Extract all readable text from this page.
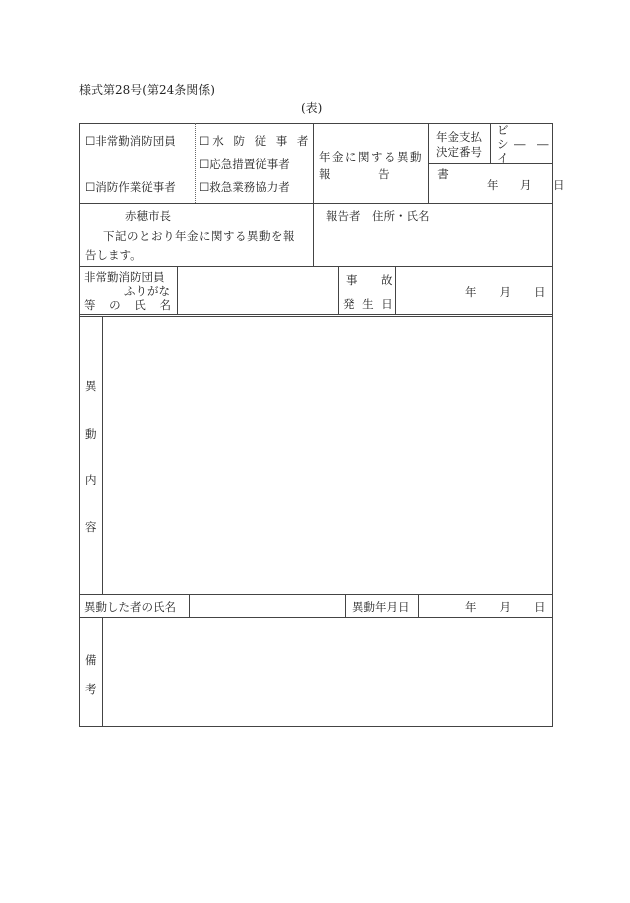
様式第28号(第24条関係)
(表)
☐非常勤消防団員
☐消防作業従事者
☐水 防 従 事 者
☐応急措置従事者
☐救急業務協力者
年金に関する異動
報 告 書
年金支払
決定番号
ビ
シ
イ
―　―
年　月　日
赤穂市長
下記のとおり年金に関する異動を報
告します。
報告者　住所・氏名
非常勤消防団員
ふりがな
等 の 氏 名
事　故
発 生 日
年　　月　　日
異
動
内
容
異動した者の氏名	異動年月日	年　　月　　日
備
考
